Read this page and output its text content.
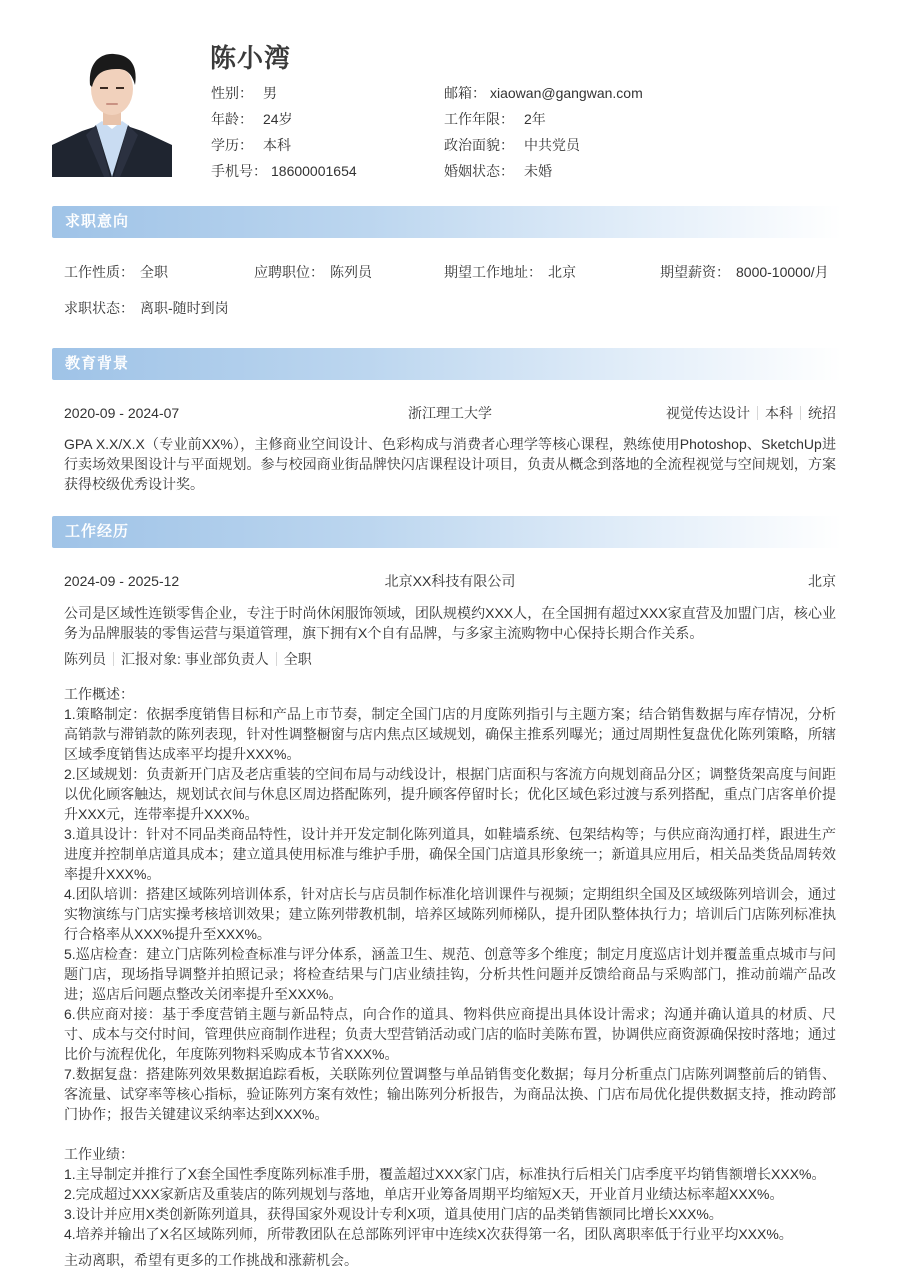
陈小湾
性别： 男
年龄： 24岁
学历： 本科
手机号： 18600001654
邮箱： xiaowan@gangwan.com
工作年限： 2年
政治面貌： 中共党员
婚姻状态： 未婚
求职意向
工作性质： 全职	应聘职位： 陈列员	期望工作地址： 北京	期望薪资： 8000-10000/月
求职状态： 离职-随时到岗
教育背景
2020-09 - 2024-07	浙江理工大学	视觉传达设计 本科 统招

GPA X.X/X.X（专业前XX%），主修商业空间设计、色彩构成与消费者心理学等核心课程，熟练使用Photoshop、SketchUp进行卖场效果图设计与平面规划。参与校园商业街品牌快闪店课程设计项目，负责从概念到落地的全流程视觉与空间规划，方案获得校级优秀设计奖。

工作经历
2024-09 - 2025-12	北京XX科技有限公司	北京

公司是区域性连锁零售企业，专注于时尚休闲服饰领域，团队规模约XXX人，在全国拥有超过XXX家直营及加盟门店，核心业务为品牌服装的零售运营与渠道管理，旗下拥有X个自有品牌，与多家主流购物中心保持长期合作关系。

陈列员 汇报对象: 事业部负责人 全职

工作概述：

1.策略制定：依据季度销售目标和产品上市节奏，制定全国门店的月度陈列指引与主题方案；结合销售数据与库存情况，分析高销款与滞销款的陈列表现，针对性调整橱窗与店内焦点区域规划，确保主推系列曝光；通过周期性复盘优化陈列策略，所辖区域季度销售达成率平均提升XXX%。

2.区域规划：负责新开门店及老店重装的空间布局与动线设计，根据门店面积与客流方向规划商品分区；调整货架高度与间距以优化顾客触达，规划试衣间与休息区周边搭配陈列，提升顾客停留时长；优化区域色彩过渡与系列搭配，重点门店客单价提升XXX元，连带率提升XXX%。

3.道具设计：针对不同品类商品特性，设计并开发定制化陈列道具，如鞋墙系统、包架结构等；与供应商沟通打样，跟进生产进度并控制单店道具成本；建立道具使用标准与维护手册，确保全国门店道具形象统一；新道具应用后，相关品类货品周转效率提升XXX%。

4.团队培训：搭建区域陈列培训体系，针对店长与店员制作标准化培训课件与视频；定期组织全国及区域级陈列培训会，通过实物演练与门店实操考核培训效果；建立陈列带教机制，培养区域陈列师梯队，提升团队整体执行力；培训后门店陈列标准执行合格率从XXX%提升至XXX%。

5.巡店检查：建立门店陈列检查标准与评分体系，涵盖卫生、规范、创意等多个维度；制定月度巡店计划并覆盖重点城市与问题门店，现场指导调整并拍照记录；将检查结果与门店业绩挂钩，分析共性问题并反馈给商品与采购部门，推动前端产品改进；巡店后问题点整改关闭率提升至XXX%。

6.供应商对接：基于季度营销主题与新品特点，向合作的道具、物料供应商提出具体设计需求；沟通并确认道具的材质、尺寸、成本与交付时间，管理供应商制作进程；负责大型营销活动或门店的临时美陈布置，协调供应商资源确保按时落地；通过比价与流程优化，年度陈列物料采购成本节省XXX%。

7.数据复盘：搭建陈列效果数据追踪看板，关联陈列位置调整与单品销售变化数据；每月分析重点门店陈列调整前后的销售、客流量、试穿率等核心指标，验证陈列方案有效性；输出陈列分析报告，为商品汰换、门店布局优化提供数据支持，推动跨部门协作；报告关键建议采纳率达到XXX%。

工作业绩：

1.主导制定并推行了X套全国性季度陈列标准手册，覆盖超过XXX家门店，标准执行后相关门店季度平均销售额增长XXX%。

2.完成超过XXX家新店及重装店的陈列规划与落地，单店开业筹备周期平均缩短X天，开业首月业绩达标率超XXX%。

3.设计并应用X类创新陈列道具，获得国家外观设计专利X项，道具使用门店的品类销售额同比增长XXX%。

4.培养并输出了X名区域陈列师，所带教团队在总部陈列评审中连续X次获得第一名，团队离职率低于行业平均XXX%。

主动离职，希望有更多的工作挑战和涨薪机会。
